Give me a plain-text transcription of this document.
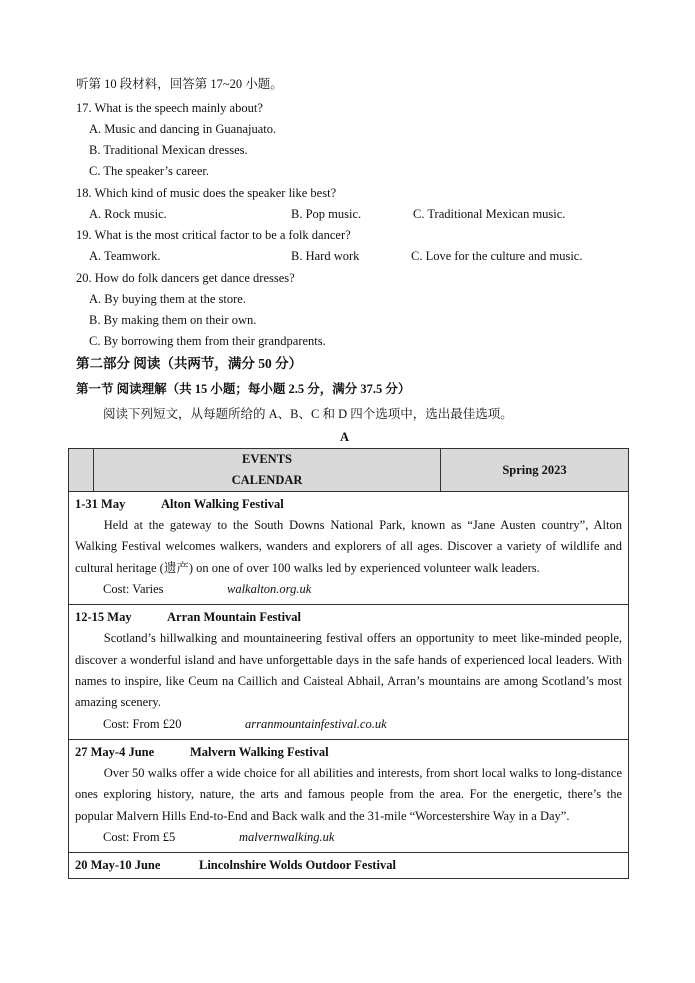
听第 10 段材料，回答第 17~20 小题。
17. What is the speech mainly about?
A. Music and dancing in Guanajuato.
B. Traditional Mexican dresses.
C. The speaker’s career.
18. Which kind of music does the speaker like best?
A. Rock music.	B. Pop music.	C. Traditional Mexican music.
19. What is the most critical factor to be a folk dancer?
A. Teamwork.	B. Hard work	C. Love for the culture and music.
20. How do folk dancers get dance dresses?
A. By buying them at the store.
B. By making them on their own.
C. By borrowing them from their grandparents.
第二部分 阅读（共两节，满分 50 分）
第一节 阅读理解（共 15 小题；每小题 2.5 分，满分 37.5 分）
阅读下列短文，从每题所给的 A、B、C 和 D 四个选项中，选出最佳选项。
A

EVENTS
CALENDAR
	Spring 2023

1-31 May	Alton Walking Festival
Held at the gateway to the South Downs National Park, known as “Jane Austen country”, Alton Walking Festival welcomes walkers, wanders and explorers of all ages. Discover a variety of wildlife and cultural heritage (遗产) on one of over 100 walks led by experienced volunteer walk leaders.
Cost: Varies	walkalton.org.uk

12-15 May	Arran Mountain Festival
Scotland’s hillwalking and mountaineering festival offers an opportunity to meet like-minded people, discover a wonderful island and have unforgettable days in the safe hands of experienced local leaders. With names to inspire, like Ceum na Caillich and Caisteal Abhail, Arran’s mountains are among Scotland’s most amazing scenery.
Cost: From £20	arranmountainfestival.co.uk

27 May-4 June	Malvern Walking Festival
Over 50 walks offer a wide choice for all abilities and interests, from short local walks to long-distance ones exploring history, nature, the arts and famous people from the area. For the energetic, there’s the popular Malvern Hills End-to-End and Back walk and the 31-mile “Worcestershire Way in a Day”.
Cost: From £5	malvernwalking.uk

20 May-10 June	Lincolnshire Wolds Outdoor Festival
